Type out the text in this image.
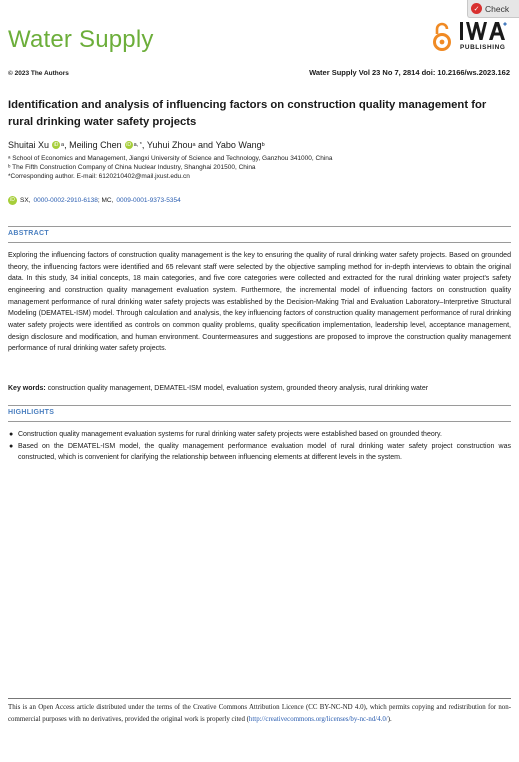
Water Supply
✓ Check
PUBLISHING
© 2023 The Authors	Water Supply Vol 23 No 7, 2814 doi: 10.2166/ws.2023.162
Identification and analysis of influencing factors on construction quality management for rural drinking water safety projects
Shuitai Xu iD a , Meiling Chen iD a, * , Yuhui Zhou a and Yabo Wang b
ᵃ School of Economics and Management, Jiangxi University of Science and Technology, Ganzhou 341000, China
ᵇ The Fifth Construction Company of China Nuclear Industry, Shanghai 201500, China
*Corresponding author. E-mail: 6120210402@mail.jxust.edu.cn
iD SX, 0000-0002-2910-6138 ; MC, 0009-0001-9373-5354
ABSTRACT
Exploring the influencing factors of construction quality management is the key to ensuring the quality of rural drinking water safety projects. Based on grounded theory, the influencing factors were identified and 65 relevant staff were selected by the objective sampling method for in-depth interviews to obtain the original data. In this study, 34 initial concepts, 18 main categories, and five core categories were collected and extracted for the rural drinking water project's safety engineering and construction quality management evaluation system. Furthermore, the incremental model of influencing factors on construction quality management performance of rural drinking water safety projects was established by the Decision-Making Trial and Evaluation Laboratory–Interpretive Structural Modeling (DEMATEL-ISM) model. Through calculation and analysis, the key influencing factors of construction quality management performance of rural drinking water safety projects were identified as controls on common quality problems, quality specification implementation, leadership level, acceptance management, design disclosure and modification, and human environment. Countermeasures and suggestions are proposed to improve the construction quality management performance of rural drinking water safety projects.
Key words: construction quality management, DEMATEL-ISM model, evaluation system, grounded theory analysis, rural drinking water
HIGHLIGHTS
● Construction quality management evaluation systems for rural drinking water safety projects were established based on grounded theory.
● Based on the DEMATEL-ISM model, the quality management performance evaluation model of rural drinking water safety project construction was constructed, which is convenient for clarifying the relationship between influencing elements at different levels in the system.
This is an Open Access article distributed under the terms of the Creative Commons Attribution Licence (CC BY-NC-ND 4.0), which permits copying and redistribution for non-commercial purposes with no derivatives, provided the original work is properly cited (http://creativecommons.org/licenses/by-nc-nd/4.0/).
